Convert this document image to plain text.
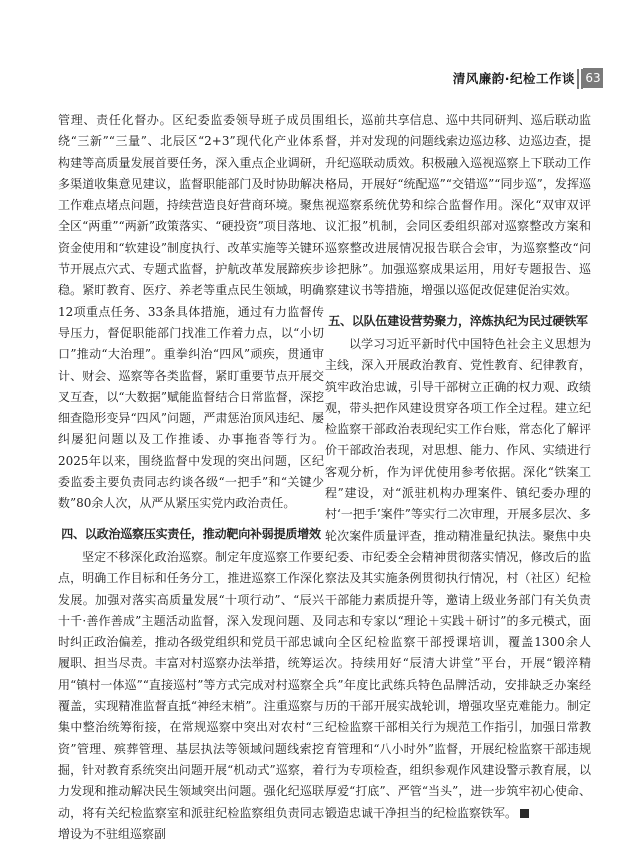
清风廉韵·纪检工作谈 63

管理、责任化督办。区纪委监委领导班子成员围绕“三新”“三量”、北辰区“2+3”现代化产业体系构建等高质量发展首要任务，深入重点企业调研，多渠道收集意见建议，监督职能部门及时协助解决工作难点堵点问题，持续营造良好营商环境。聚焦全区“两重”“两新”政策落实、“硬投资”项目落地、资金使用和“软建设”制度执行、改革实施等关键环节开展点穴式、专题式监督，护航改革发展蹄疾步稳。紧盯教育、医疗、养老等重点民生领域，明确12项重点任务、33条具体措施，通过有力监督传导压力，督促职能部门找准工作着力点，以“小切口”推动“大治理”。重拳纠治“四风”顽疾，贯通审计、财会、巡察等各类监督，紧盯重要节点开展交叉互查，以“大数据”赋能监督结合日常监督，深挖细查隐形变异“四风”问题，严肃惩治顶风违纪、屡纠屡犯问题以及工作推诿、办事拖沓等行为。2025年以来，围绕监督中发现的突出问题，区纪委监委主要负责同志约谈各级“一把手”和“关键少数”80余人次，从严从紧压实党内政治责任。

四、以政治巡察压实责任，推动靶向补弱提质增效

坚定不移深化政治巡察。制定年度巡察工作要点，明确工作目标和任务分工，推进巡察工作深化发展。加强对落实高质量发展“十项行动”、“辰兴十千·善作善成”主题活动监督，深入发现问题、及时纠正政治偏差，推动各级党组织和党员干部忠诚履职、担当尽责。丰富对村巡察办法举措，统筹运用“镇村一体巡”“直接巡村”等方式完成对村巡察全覆盖，实现精准监督直抵“神经末梢”。注重巡察与集中整治统筹衔接，在常规巡察中突出对农村“三资”管理、殡葬管理、基层执法等领域问题线索挖掘，针对教育系统突出问题开展“机动式”巡察，着力发现和推动解决民生领域突出问题。强化纪巡联动，将有关纪检监察室和派驻纪检监察组负责同志增设为不驻组巡察副

组长，巡前共享信息、巡中共同研判、巡后联动监督，并对发现的问题线索边巡边移、边巡边查，提升纪巡联动质效。积极融入巡视巡察上下联动工作格局，开展好“统配巡”“交错巡”“同步巡”，发挥巡视巡察系统优势和综合监督作用。深化“双审双评议汇报”机制，会同区委组织部对巡察整改方案和巡察整改进展情况报告联合会审，为巡察整改“问诊把脉”。加强巡察成果运用，用好专题报告、巡察建议书等措施，增强以巡促改促建促治实效。

五、以队伍建设营势聚力，淬炼执纪为民过硬铁军

以学习习近平新时代中国特色社会主义思想为主线，深入开展政治教育、党性教育、纪律教育，筑牢政治忠诚，引导干部树立正确的权力观、政绩观，带头把作风建设贯穿各项工作全过程。建立纪检监察干部政治表现纪实工作台账，常态化了解评价干部政治表现，对思想、能力、作风、实绩进行客观分析，作为评优使用参考依据。深化“铁案工程”建设，对“派驻机构办理案件、镇纪委办理的村‘一把手’案件”等实行二次审理，开展多层次、多轮次案件质量评查，推动精准量纪执法。聚焦中央纪委、市纪委全会精神贯彻落实情况，修改后的监察法及其实施条例贯彻执行情况，村（社区）纪检干部能力素质提升等，邀请上级业务部门有关负责同志和专家以“理论＋实践＋研讨”的多元模式，面向全区纪检监察干部授课培训，覆盖1300余人次。持续用好“辰清大讲堂”平台，开展“锻淬精兵”年度比武练兵特色品牌活动，安排缺乏办案经历的干部开展实战轮训，增强攻坚克难能力。制定纪检监察干部相关行为规范工作指引，加强日常教育管理和“八小时外”监督，开展纪检监察干部违规行为专项检查，组织参观作风建设警示教育展，以厚爱“打底”、严管“当头”，进一步筑牢初心使命、锻造忠诚干净担当的纪检监察铁军。
